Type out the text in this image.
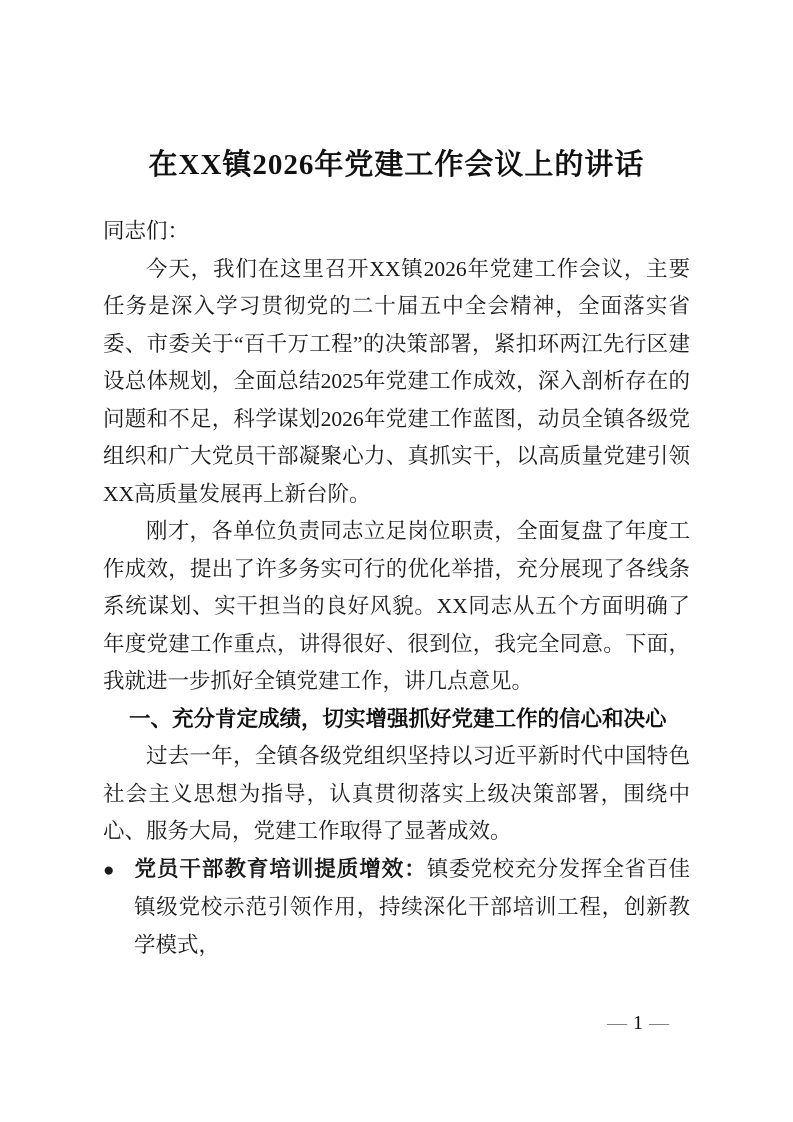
在XX镇2026年党建工作会议上的讲话

同志们：

今天，我们在这里召开XX镇2026年党建工作会议，主要任务是深入学习贯彻党的二十届五中全会精神，全面落实省委、市委关于“百千万工程”的决策部署，紧扣环两江先行区建设总体规划，全面总结2025年党建工作成效，深入剖析存在的问题和不足，科学谋划2026年党建工作蓝图，动员全镇各级党组织和广大党员干部凝聚心力、真抓实干，以高质量党建引领XX高质量发展再上新台阶。

刚才，各单位负责同志立足岗位职责，全面复盘了年度工作成效，提出了许多务实可行的优化举措，充分展现了各线条系统谋划、实干担当的良好风貌。XX同志从五个方面明确了年度党建工作重点，讲得很好、很到位，我完全同意。下面，我就进一步抓好全镇党建工作，讲几点意见。

一、充分肯定成绩，切实增强抓好党建工作的信心和决心

过去一年，全镇各级党组织坚持以习近平新时代中国特色社会主义思想为指导，认真贯彻落实上级决策部署，围绕中心、服务大局，党建工作取得了显著成效。

● 党员干部教育培训提质增效：镇委党校充分发挥全省百佳镇级党校示范引领作用，持续深化干部培训工程，创新教学模式，
— 1 —
